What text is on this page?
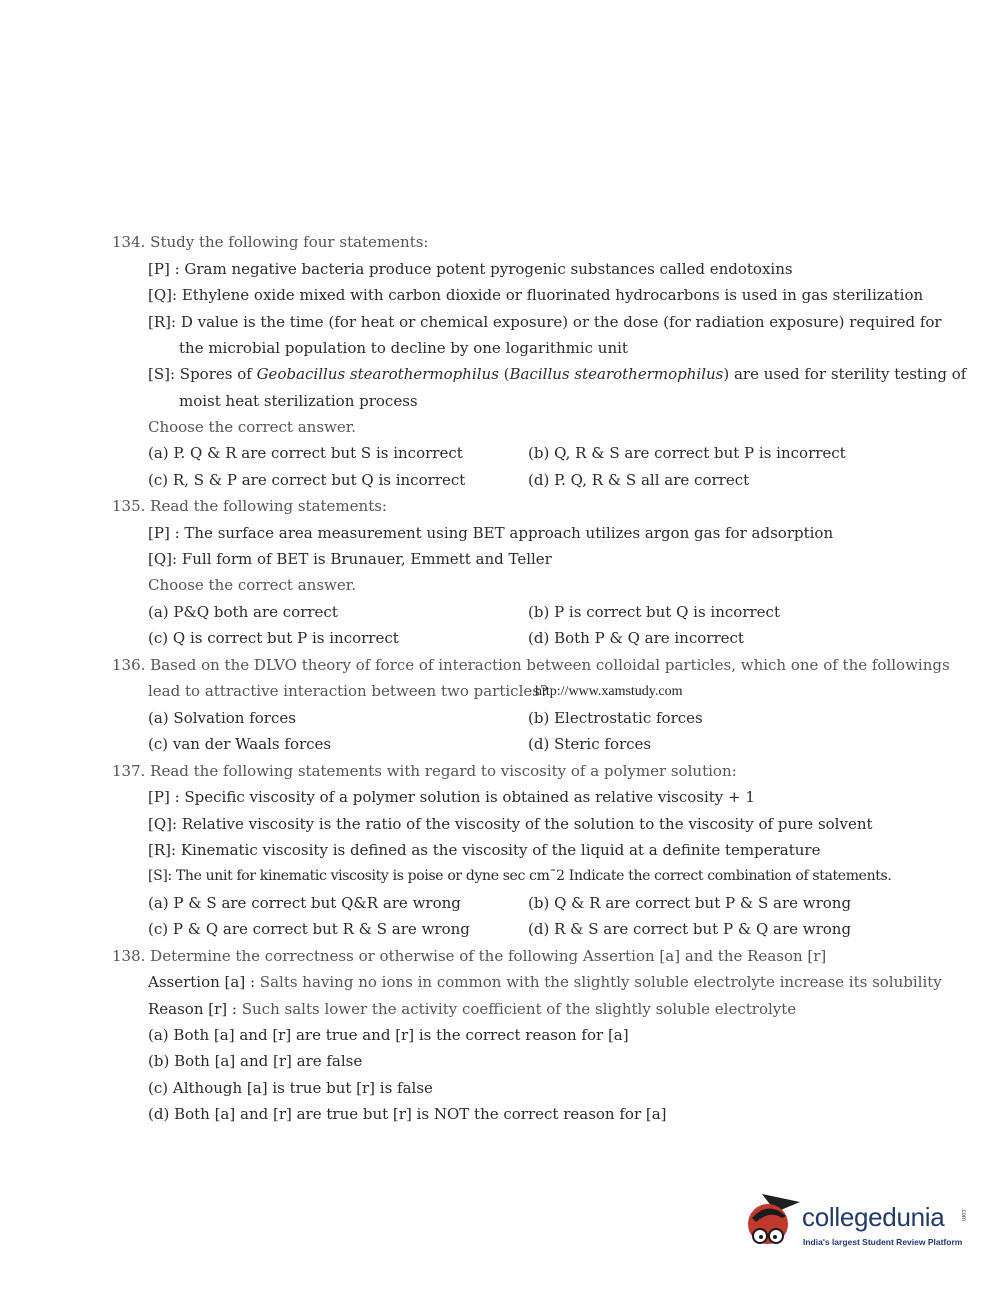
134. Study the following four statements:
[P] : Gram negative bacteria produce potent pyrogenic substances called endotoxins
[Q]: Ethylene oxide mixed with carbon dioxide or fluorinated hydrocarbons is used in gas sterilization
[R]: D value is the time (for heat or chemical exposure) or the dose (for radiation exposure) required for
the microbial population to decline by one logarithmic unit
[S]: Spores of Geobacillus stearothermophilus (Bacillus stearothermophilus) are used for sterility testing of
moist heat sterilization process
Choose the correct answer.
(a) P. Q & R are correct but S is incorrect	(b) Q, R & S are correct but P is incorrect
(c) R, S & P are correct but Q is incorrect	(d) P. Q, R & S all are correct
135. Read the following statements:
[P] : The surface area measurement using BET approach utilizes argon gas for adsorption
[Q]: Full form of BET is Brunauer, Emmett and Teller
Choose the correct answer.
(a) P&Q both are correct	(b) P is correct but Q is incorrect
(c) Q is correct but P is incorrect	(d) Both P & Q are incorrect
136. Based on the DLVO theory of force of interaction between colloidal particles, which one of the followings
lead to attractive interaction between two particles?
http://www.xamstudy.com
(a) Solvation forces	(b) Electrostatic forces
(c) van der Waals forces	(d) Steric forces
137. Read the following statements with regard to viscosity of a polymer solution:
[P] : Specific viscosity of a polymer solution is obtained as relative viscosity + 1
[Q]: Relative viscosity is the ratio of the viscosity of the solution to the viscosity of pure solvent
[R]: Kinematic viscosity is defined as the viscosity of the liquid at a definite temperature
[S]: The unit for kinematic viscosity is poise or dyne sec cmˉ2 Indicate the correct combination of statements.
(a) P & S are correct but Q&R are wrong	(b) Q & R are correct but P & S are wrong
(c) P & Q are correct but R & S are wrong	(d) R & S are correct but P & Q are wrong
138. Determine the correctness or otherwise of the following Assertion [a] and the Reason [r]
Assertion [a] : Salts having no ions in common with the slightly soluble electrolyte increase its solubility
Reason [r] : Such salts lower the activity coefficient of the slightly soluble electrolyte
(a) Both [a] and [r] are true and [r] is the correct reason for [a]
(b) Both [a] and [r] are false
(c) Although [a] is true but [r] is false
(d) Both [a] and [r] are true but [r] is NOT the correct reason for [a]
collegedunia	.com
India's largest Student Review Platform
